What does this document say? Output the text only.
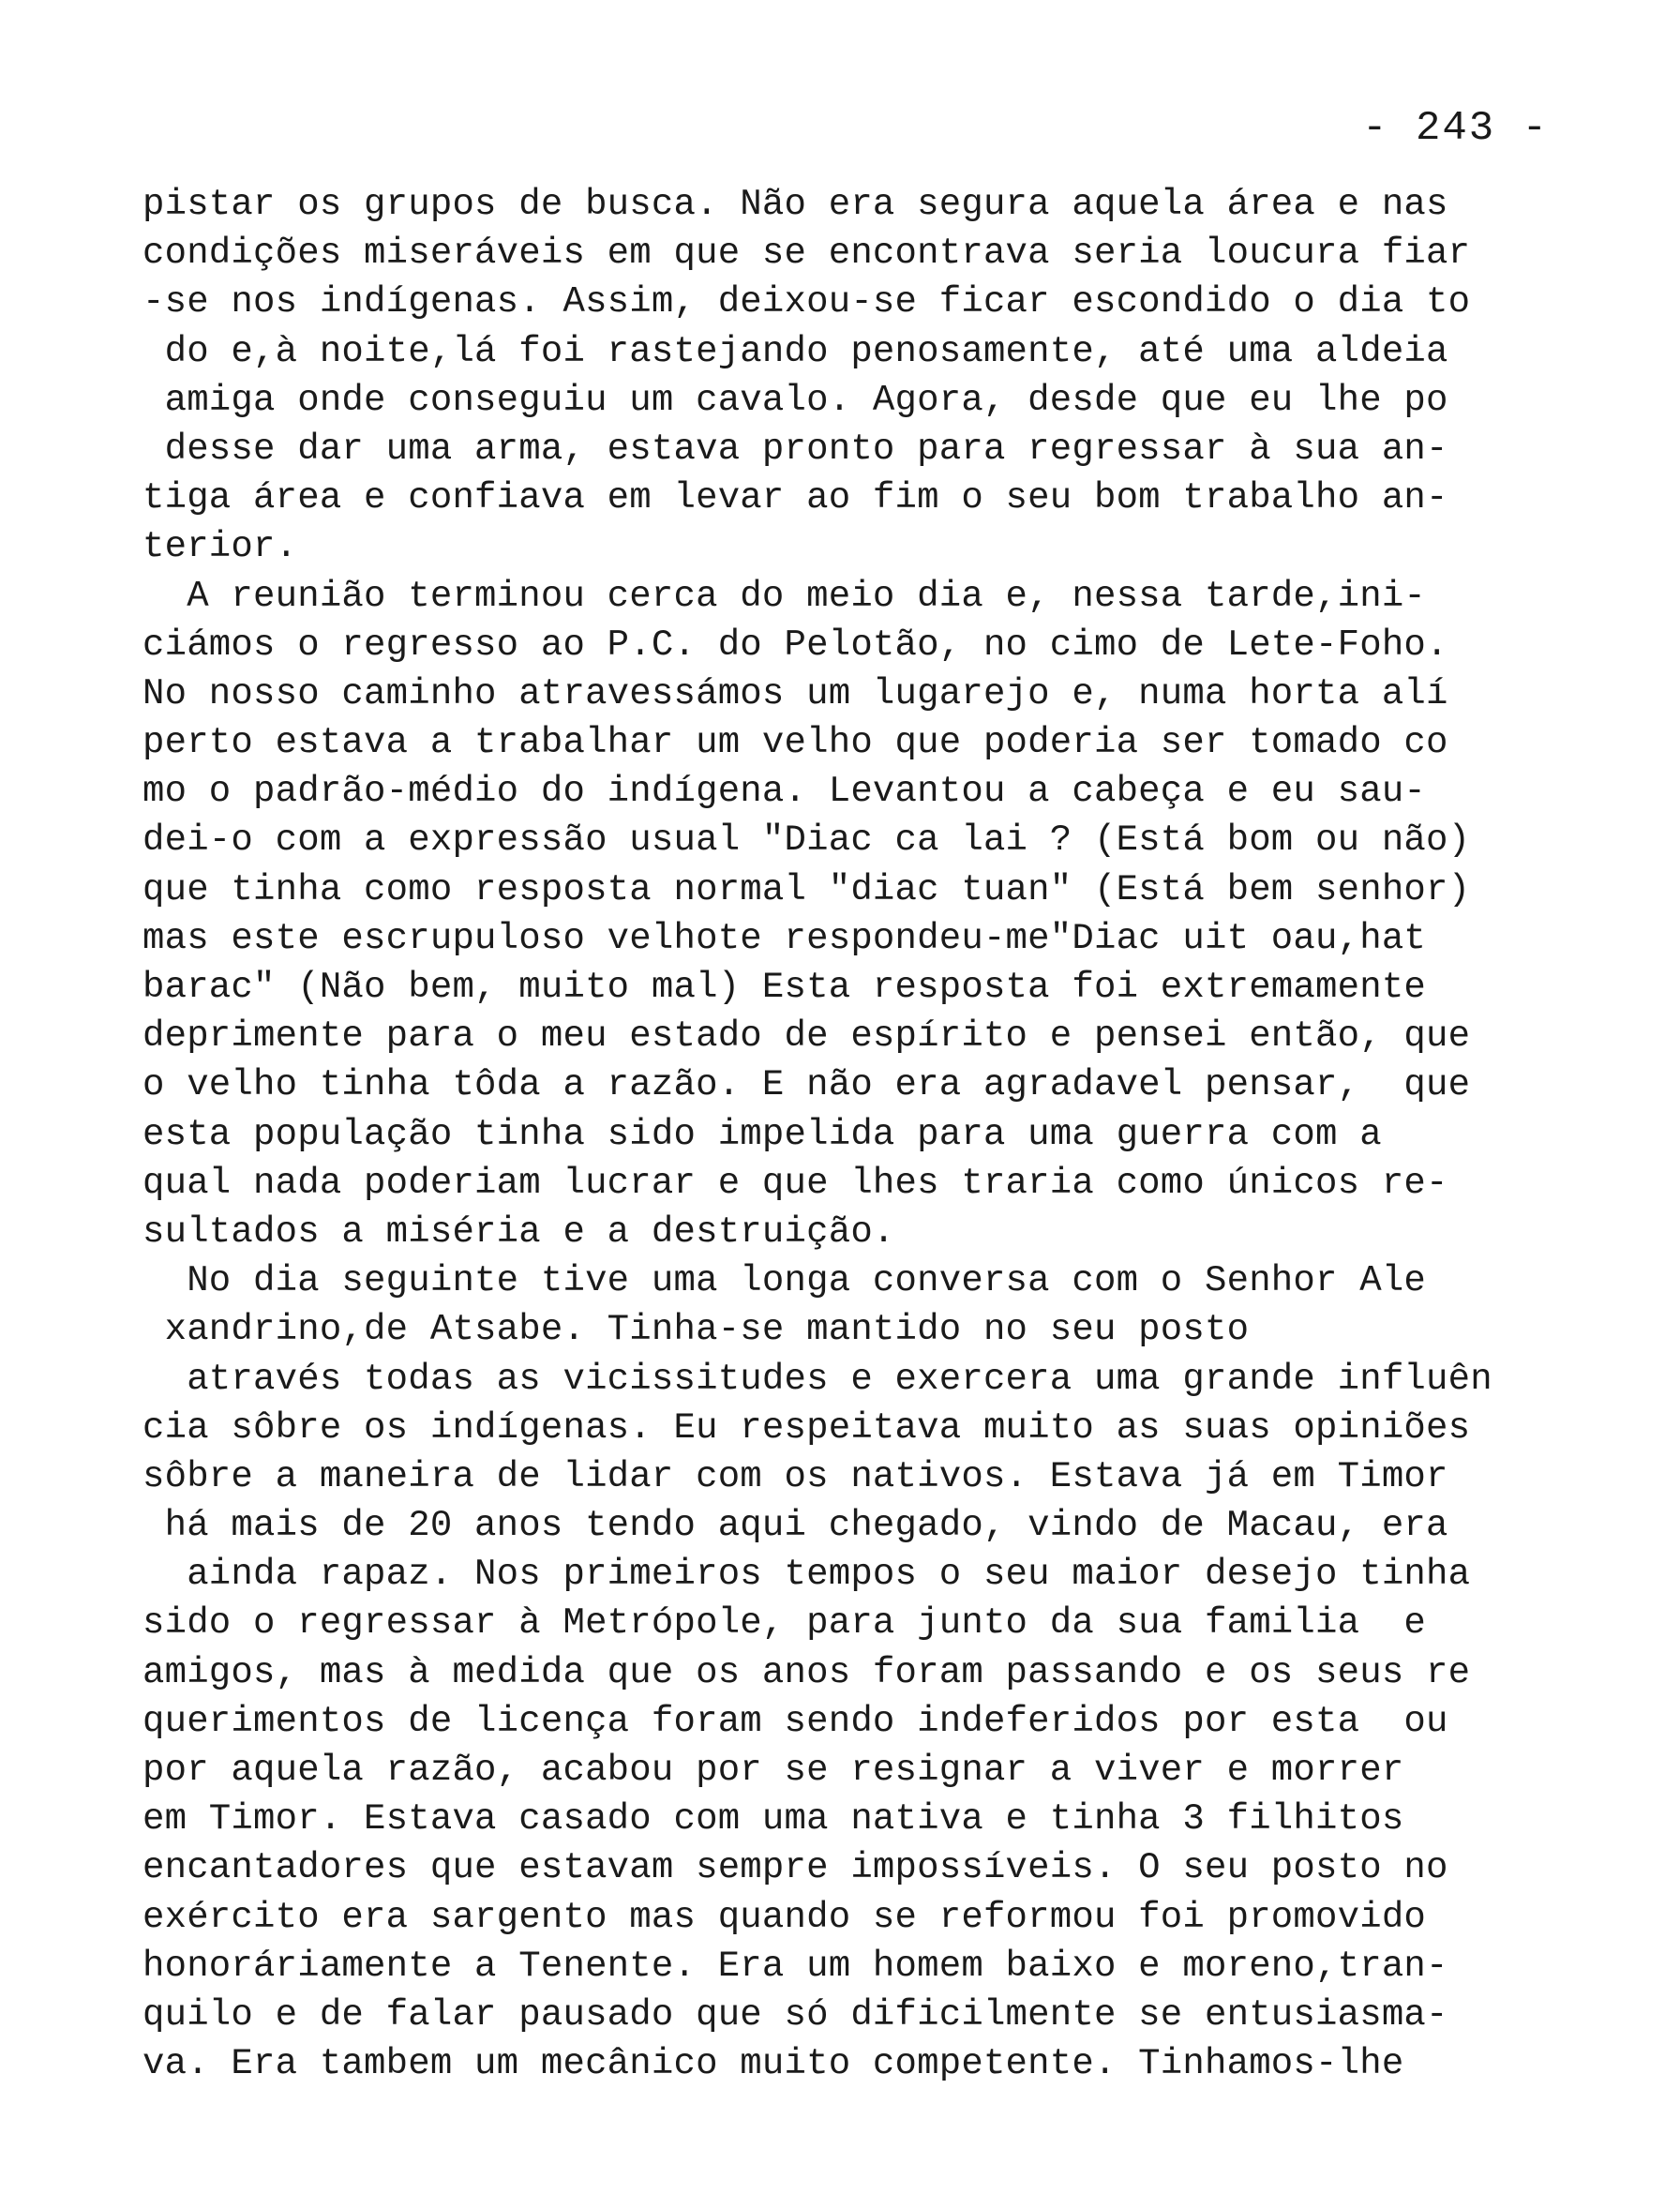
- 243 -
pistar os grupos de busca. Não era segura aquela área e nas
condições miseráveis em que se encontrava seria loucura fiar
-se nos indígenas. Assim, deixou-se ficar escondido o dia to
do e,à noite,lá foi rastejando penosamente, até uma aldeia
amiga onde conseguiu um cavalo. Agora, desde que eu lhe po
desse dar uma arma, estava pronto para regressar à sua an-
tiga área e confiava em levar ao fim o seu bom trabalho an-
terior.
A reunião terminou cerca do meio dia e, nessa tarde,ini-
ciámos o regresso ao P.C. do Pelotão, no cimo de Lete-Foho.
No nosso caminho atravessámos um lugarejo e, numa horta alí
perto estava a trabalhar um velho que poderia ser tomado co
mo o padrão-médio do indígena. Levantou a cabeça e eu sau-
dei-o com a expressão usual "Diac ca lai ? (Está bom ou não)
que tinha como resposta normal "diac tuan" (Está bem senhor)
mas este escrupuloso velhote respondeu-me"Diac uit oau,hat
barac" (Não bem, muito mal) Esta resposta foi extremamente
deprimente para o meu estado de espírito e pensei então, que
o velho tinha tôda a razão. E não era agradavel pensar,  que
esta população tinha sido impelida para uma guerra com a
qual nada poderiam lucrar e que lhes traria como únicos re-
sultados a miséria e a destruição.
No dia seguinte tive uma longa conversa com o Senhor Ale
xandrino,de Atsabe. Tinha-se mantido no seu posto
através todas as vicissitudes e exercera uma grande influên
cia sôbre os indígenas. Eu respeitava muito as suas opiniões
sôbre a maneira de lidar com os nativos. Estava já em Timor
há mais de 20 anos tendo aqui chegado, vindo de Macau, era
ainda rapaz. Nos primeiros tempos o seu maior desejo tinha
sido o regressar à Metrópole, para junto da sua familia  e
amigos, mas à medida que os anos foram passando e os seus re
querimentos de licença foram sendo indeferidos por esta  ou
por aquela razão, acabou por se resignar a viver e morrer
em Timor. Estava casado com uma nativa e tinha 3 filhitos
encantadores que estavam sempre impossíveis. O seu posto no
exército era sargento mas quando se reformou foi promovido
honoráriamente a Tenente. Era um homem baixo e moreno,tran-
quilo e de falar pausado que só dificilmente se entusiasma-
va. Era tambem um mecânico muito competente. Tinhamos-lhe
